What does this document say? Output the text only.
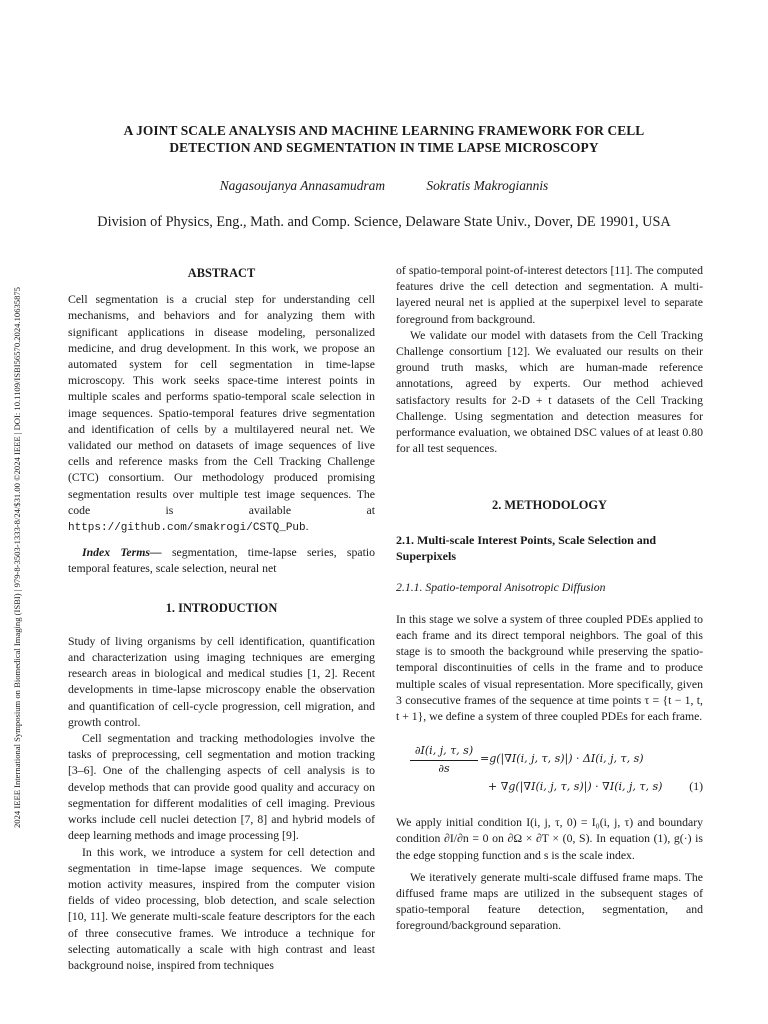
2024 IEEE International Symposium on Biomedical Imaging (ISBI) | 979-8-3503-1333-8/24/$31.00 ©2024 IEEE | DOI: 10.1109/ISBI56570.2024.10635875
A JOINT SCALE ANALYSIS AND MACHINE LEARNING FRAMEWORK FOR CELL
DETECTION AND SEGMENTATION IN TIME LAPSE MICROSCOPY
Nagasoujanya Annasamudram	Sokratis Makrogiannis
Division of Physics, Eng., Math. and Comp. Science, Delaware State Univ., Dover, DE 19901, USA

ABSTRACT

Cell segmentation is a crucial step for understanding cell mechanisms, and behaviors and for analyzing them with significant applications in disease modeling, personalized medicine, and drug development. In this work, we propose an automated system for cell segmentation in time-lapse microscopy. This work seeks space-time interest points in multiple scales and performs spatio-temporal scale selection in image sequences. Spatio-temporal features drive segmentation and identification of cells by a multilayered neural net. We validated our method on datasets of image sequences of live cells and reference masks from the Cell Tracking Challenge (CTC) consortium. Our methodology produced promising segmentation results over multiple test image sequences. The code is available at https://github.com/smakrogi/CSTQ_Pub.

Index Terms— segmentation, time-lapse series, spatio temporal features, scale selection, neural net

1. INTRODUCTION

Study of living organisms by cell identification, quantification and characterization using imaging techniques are emerging research areas in biological and medical studies [1, 2]. Recent developments in time-lapse microscopy enable the observation and quantification of cell-cycle progression, cell migration, and growth control.

Cell segmentation and tracking methodologies involve the tasks of preprocessing, cell segmentation and motion tracking [3–6]. One of the challenging aspects of cell analysis is to develop methods that can provide good quality and accuracy on segmentation for different modalities of cell imaging. Previous works include cell nuclei detection [7, 8] and hybrid models of deep learning methods and image processing [9].

In this work, we introduce a system for cell detection and segmentation in time-lapse image sequences. We compute motion activity measures, inspired from the computer vision fields of video processing, blob detection, and scale selection [10, 11]. We generate multi-scale feature descriptors for the each of three consecutive frames. We introduce a technique for selecting automatically a scale with high contrast and least background noise, inspired from techniques

of spatio-temporal point-of-interest detectors [11]. The computed features drive the cell detection and segmentation. A multi-layered neural net is applied at the superpixel level to separate foreground from background.

We validate our model with datasets from the Cell Tracking Challenge consortium [12]. We evaluated our results on their ground truth masks, which are human-made reference annotations, agreed by experts. Our method achieved satisfactory results for 2-D + t datasets of the Cell Tracking Challenge. Using segmentation and detection measures for performance evaluation, we obtained DSC values of at least 0.80 for all test sequences.

2. METHODOLOGY

2.1. Multi-scale Interest Points, Scale Selection and Superpixels

2.1.1. Spatio-temporal Anisotropic Diffusion

In this stage we solve a system of three coupled PDEs applied to each frame and its direct temporal neighbors. The goal of this stage is to smooth the background while preserving the spatio-temporal discontinuities of cells in the frame and to produce multiple scales of visual representation. More specifically, given 3 consecutive frames of the sequence at time points τ = {t − 1, t, t + 1}, we define a system of three coupled PDEs for each frame.

$\frac{\partial I(i, j, \tau, s)}{\partial s} =g(|\nabla I(i$, j, τ, s)|) · ΔI(i, j, τ, s)
+ ∇g(|∇I(i, j, τ, s)|) · ∇I(i, j, τ, s) (1)

We apply initial condition I(i, j, τ, 0) = I₀(i, j, τ) and boundary condition ∂I/∂n = 0 on ∂Ω × ∂T × (0, S). In equation (1), g(·) is the edge stopping function and s is the scale index.

We iteratively generate multi-scale diffused frame maps. The diffused frame maps are utilized in the subsequent stages of spatio-temporal feature detection, segmentation, and foreground/background separation.
